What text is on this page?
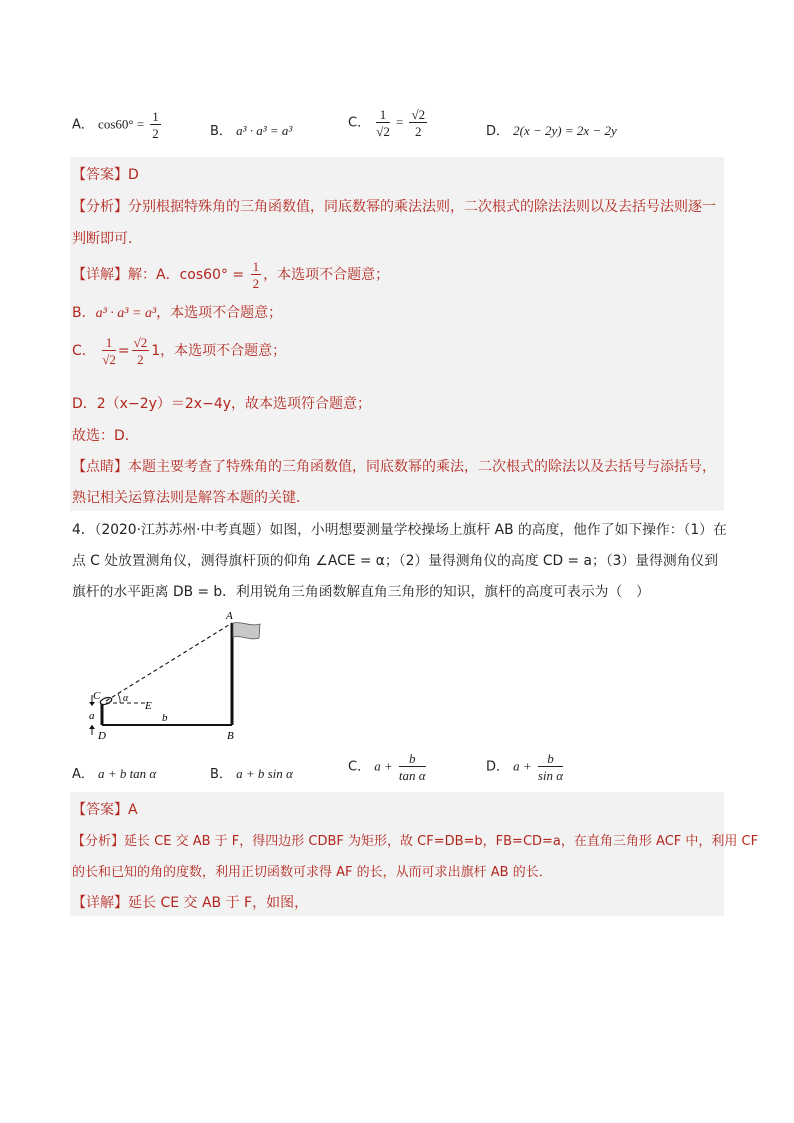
A． $\cos 60^\circ = \frac{1}{2}$	B． a³ · a³ = a³	C． $\frac{1}{√2} = \frac{√2}{2}$	D． 2(x − 2y) = 2x − 2y
【答案】D
【分析】分别根据特殊角的三角函数值，同底数幂的乘法法则，二次根式的除法法则以及去括号法则逐一
判断即可．
【详解】解：A．$\cos 60^\circ = \frac{1}{2}$ ，本选项不合题意；
B．a³ · a³ = a³，本选项不合题意；
C． $\frac{1}{√2} = \frac{√2}{2} 1$，本选项不合题意；
D．2（x−2y）＝2x−4y，故本选项符合题意；
故选：D．
【点睛】本题主要考查了特殊角的三角函数值，同底数幂的乘法，二次根式的除法以及去括号与添括号，
熟记相关运算法则是解答本题的关键．
4．（2020·江苏苏州·中考真题）如图，小明想要测量学校操场上旗杆 AB 的高度，他作了如下操作：（1）在
点 C 处放置测角仪，测得旗杆顶的仰角 ∠ACE = α；（2）量得测角仪的高度 CD = a；（3）量得测角仪到
旗杆的水平距离 DB = b．利用锐角三角函数解直角三角形的知识，旗杆的高度可表示为（　）
A
B
C
D
E
α
a	b
A． a + b tan α	B． a + b sin α	C． $a + \frac{b}{\text{tan α}}$	D． $a + \frac{b}{\text{sin α}}$
【答案】A
【分析】延长 CE 交 AB 于 F，得四边形 CDBF 为矩形，故 CF=DB=b，FB=CD=a，在直角三角形 ACF 中，利用 CF
的长和已知的角的度数，利用正切函数可求得 AF 的长，从而可求出旗杆 AB 的长．
【详解】延长 CE 交 AB 于 F，如图，
